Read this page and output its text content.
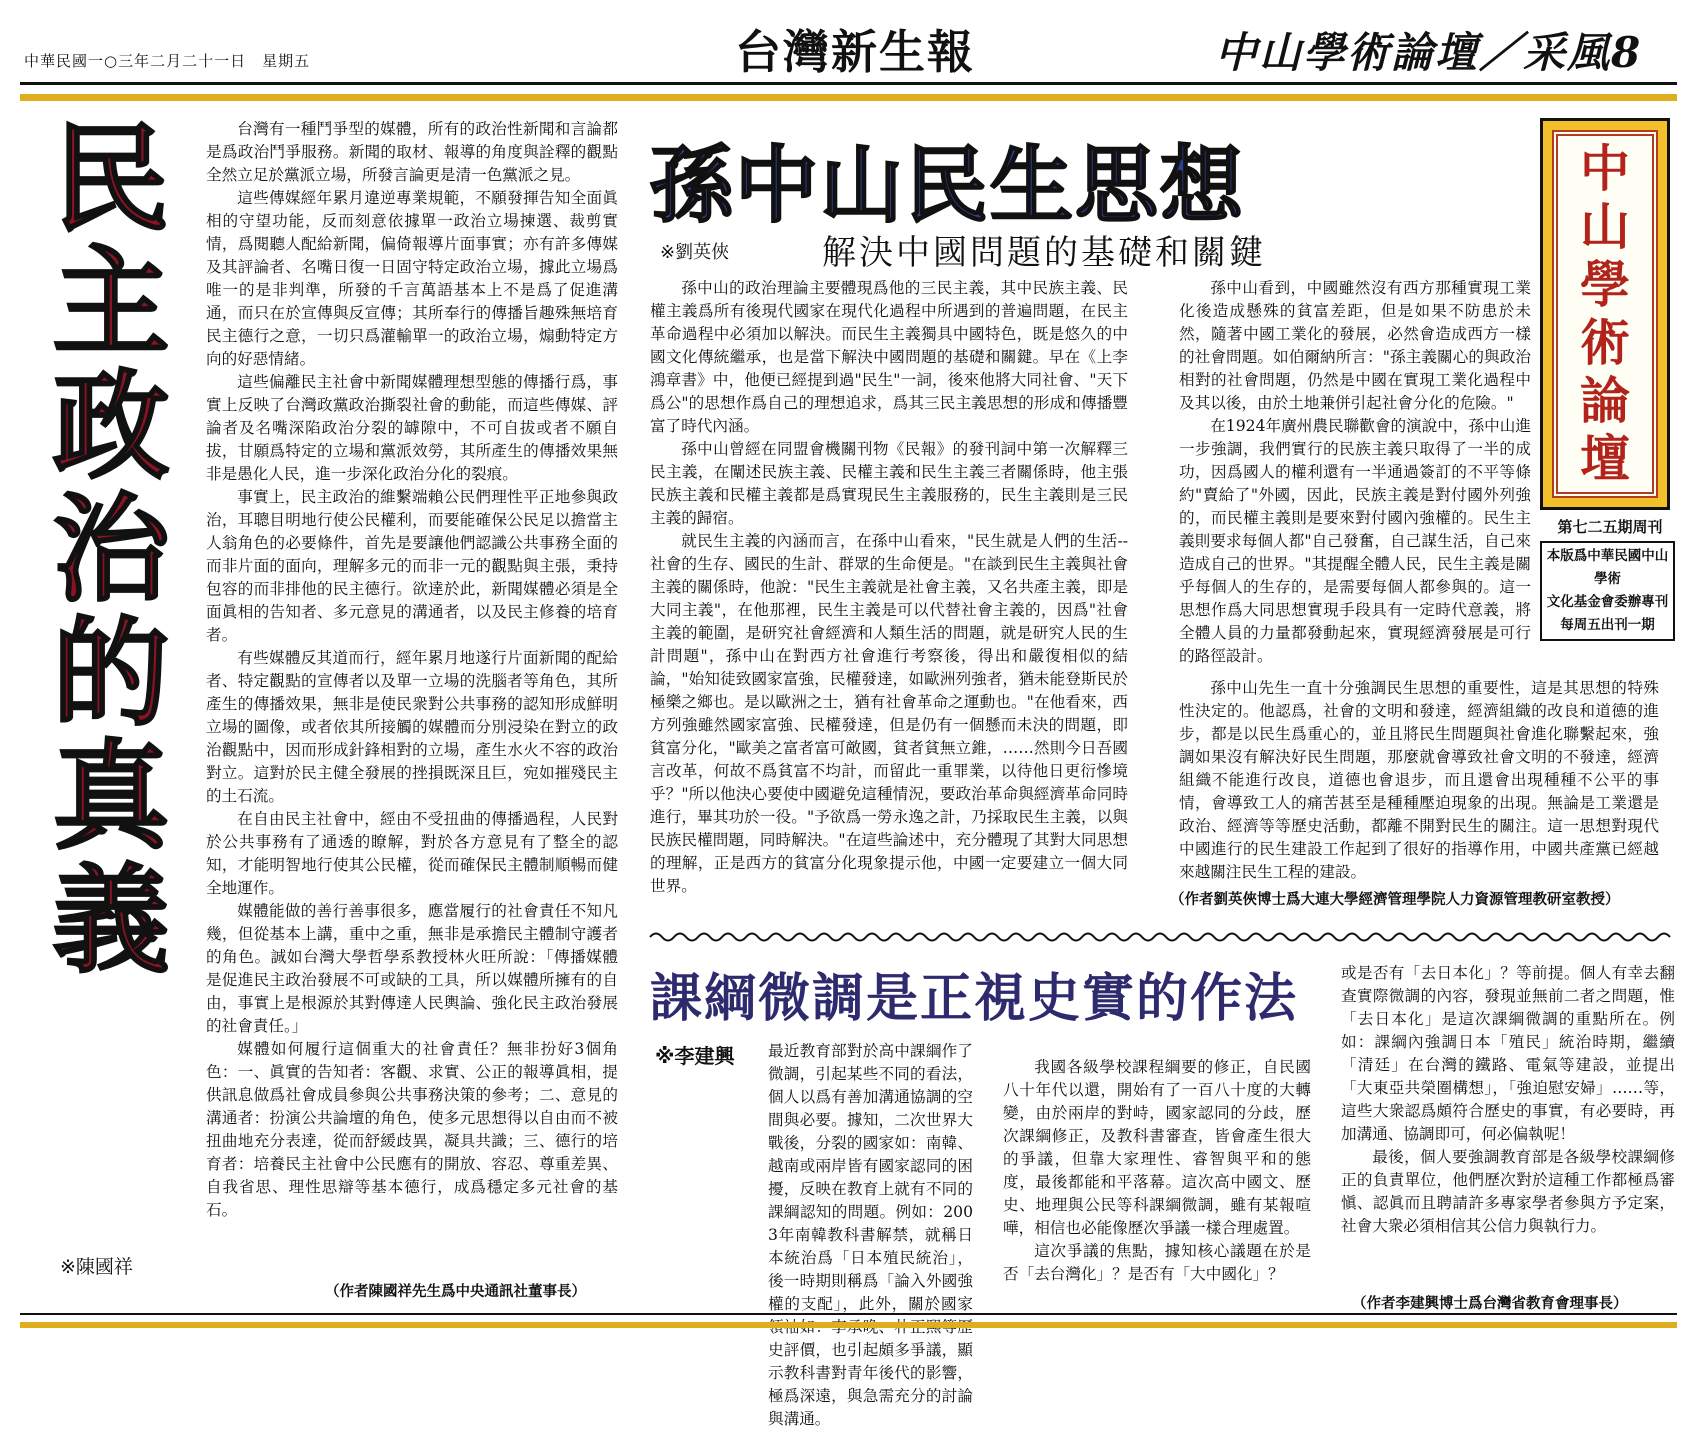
中華民國一○三年二月二十一日　星期五	台灣新生報	中山學術論壇／采風8
民主政治的真義
※陳國祥

台灣有一種鬥爭型的媒體，所有的政治性新聞和言論都是爲政治鬥爭服務。新聞的取材、報導的角度與詮釋的觀點全然立足於黨派立場，所發言論更是清一色黨派之見。

這些傳媒經年累月違逆專業規範，不願發揮告知全面眞相的守望功能，反而刻意依據單一政治立場揀選、裁剪實情，爲閱聽人配給新聞，偏倚報導片面事實；亦有許多傳媒及其評論者、名嘴日復一日固守特定政治立場，據此立場爲唯一的是非判準，所發的千言萬語基本上不是爲了促進溝通，而只在於宣傳與反宣傳；其所奉行的傳播旨趣殊無培育民主德行之意，一切只爲灌輸單一的政治立場，煽動特定方向的好惡情緒。

這些偏離民主社會中新聞媒體理想型態的傳播行爲，事實上反映了台灣政黨政治撕裂社會的動能，而這些傳媒、評論者及名嘴深陷政治分裂的罅隙中，不可自拔或者不願自拔，甘願爲特定的立場和黨派效勞，其所產生的傳播效果無非是愚化人民，進一步深化政治分化的裂痕。

事實上，民主政治的維繫端賴公民們理性平正地參與政治，耳聰目明地行使公民權利，而要能確保公民足以擔當主人翁角色的必要條件，首先是要讓他們認識公共事務全面的而非片面的面向，理解多元的而非一元的觀點與主張，秉持包容的而非排他的民主德行。欲達於此，新聞媒體必須是全面眞相的告知者、多元意見的溝通者，以及民主修養的培育者。

有些媒體反其道而行，經年累月地遂行片面新聞的配給者、特定觀點的宣傳者以及單一立場的洗腦者等角色，其所產生的傳播效果，無非是使民衆對公共事務的認知形成鮮明立場的圖像，或者依其所接觸的媒體而分別浸染在對立的政治觀點中，因而形成針鋒相對的立場，產生水火不容的政治對立。這對於民主健全發展的挫損既深且巨，宛如摧殘民主的土石流。

在自由民主社會中，經由不受扭曲的傳播過程，人民對於公共事務有了通透的瞭解，對於各方意見有了整全的認知，才能明智地行使其公民權，從而確保民主體制順暢而健全地運作。

媒體能做的善行善事很多，應當履行的社會責任不知凡幾，但從基本上講，重中之重，無非是承擔民主體制守護者的角色。誠如台灣大學哲學系教授林火旺所說：「傳播媒體是促進民主政治發展不可或缺的工具，所以媒體所擁有的自由，事實上是根源於其對傳達人民輿論、強化民主政治發展的社會責任。」

媒體如何履行這個重大的社會責任？無非扮好3個角色：一、眞實的告知者：客觀、求實、公正的報導眞相，提供訊息做爲社會成員參與公共事務決策的參考；二、意見的溝通者：扮演公共論壇的角色，使多元思想得以自由而不被扭曲地充分表達，從而舒緩歧異，凝具共識；三、德行的培育者：培養民主社會中公民應有的開放、容忍、尊重差異、自我省思、理性思辯等基本德行，成爲穩定多元社會的基石。

（作者陳國祥先生爲中央通訊社董事長）
孫中山民生思想
※劉英俠	解決中國問題的基礎和關鍵

孫中山的政治理論主要體現爲他的三民主義，其中民族主義、民權主義爲所有後現代國家在現代化過程中所遇到的普遍問題，在民主革命過程中必須加以解決。而民生主義獨具中國特色，既是悠久的中國文化傳統繼承，也是當下解決中國問題的基礎和關鍵。早在《上李鴻章書》中，他便已經提到過"民生"一詞，後來他將大同社會、"天下爲公"的思想作爲自己的理想追求，爲其三民主義思想的形成和傳播豐富了時代內涵。

孫中山曾經在同盟會機關刊物《民報》的發刊詞中第一次解釋三民主義，在闡述民族主義、民權主義和民生主義三者關係時，他主張民族主義和民權主義都是爲實現民生主義服務的，民生主義則是三民主義的歸宿。

就民生主義的內涵而言，在孫中山看來，"民生就是人們的生活--社會的生存、國民的生計、群眾的生命便是。"在談到民生主義與社會主義的關係時，他說："民生主義就是社會主義，又名共產主義，即是大同主義"，在他那裡，民生主義是可以代替社會主義的，因爲"社會主義的範圍，是研究社會經濟和人類生活的問題，就是研究人民的生計問題"，孫中山在對西方社會進行考察後，得出和嚴復相似的結論，"始知徒致國家富強，民權發達，如歐洲列強者，猶未能登斯民於極樂之鄉也。是以歐洲之士，猶有社會革命之運動也。"在他看來，西方列強雖然國家富強、民權發達，但是仍有一個懸而未決的問題，即貧富分化，"歐美之富者富可敵國，貧者貧無立錐，……然則今日吾國言改革，何故不爲貧富不均計，而留此一重罪業，以待他日更衍慘境乎？"所以他決心要使中國避免這種情況，要政治革命與經濟革命同時進行，畢其功於一役。"予欲爲一勞永逸之計，乃採取民生主義，以與民族民權問題，同時解決。"在這些論述中，充分體現了其對大同思想的理解，正是西方的貧富分化現象提示他，中國一定要建立一個大同世界。

孫中山看到，中國雖然沒有西方那種實現工業化後造成懸殊的貧富差距，但是如果不防患於未然，隨著中國工業化的發展，必然會造成西方一樣的社會問題。如伯爾納所言："孫主義關心的與政治相對的社會問題，仍然是中國在實現工業化過程中及其以後，由於土地兼併引起社會分化的危險。"

在1924年廣州農民聯歡會的演說中，孫中山進一步強調，我們實行的民族主義只取得了一半的成功，因爲國人的權利還有一半通過簽訂的不平等條約"賣給了"外國，因此，民族主義是對付國外列強的，而民權主義則是要來對付國內強權的。民生主義則要求每個人都"自己發奮，自己謀生活，自己來造成自己的世界。"其提醒全體人民，民生主義是關乎每個人的生存的，是需要每個人都參與的。這一思想作爲大同思想實現手段具有一定時代意義，將全體人員的力量都發動起來，實現經濟發展是可行的路徑設計。

孫中山先生一直十分強調民生思想的重要性，這是其思想的特殊性決定的。他認爲，社會的文明和發達，經濟組織的改良和道德的進步，都是以民生爲重心的，並且將民生問題與社會進化聯繫起來，強調如果沒有解決好民生問題，那麼就會導致社會文明的不發達，經濟組織不能進行改良，道德也會退步，而且還會出現種種不公平的事情，會導致工人的痛苦甚至是種種壓迫現象的出現。無論是工業還是政治、經濟等等歷史活動，都離不開對民生的關注。這一思想對現代中國進行的民生建設工作起到了很好的指導作用，中國共產黨已經越來越關注民生工程的建設。

（作者劉英俠博士爲大連大學經濟管理學院人力資源管理教研室教授）
中
山
學
術
論
壇
第七二五期周刊
本版爲中華民國中山學術
文化基金會委辦專刊
每周五出刊一期
課綱微調是正視史實的作法
※李建興	最近教育部對於高中課綱作了微調，引起某些不同的看法，個人以爲有善加溝通協調的空間與必要。據知，二次世界大戰後，分裂的國家如：南韓、越南或兩岸皆有國家認同的困擾，反映在教育上就有不同的課綱認知的問題。例如：2003年南韓教科書解禁，就稱日本統治爲「日本殖民統治」，後一時期則稱爲「論入外國強權的支配」，此外，關於國家 史評價，也引起頗多爭議，顯示教科書對青年後代的影響，極爲深遠，與急需充分的討論與溝通。

我國各級學校課程綱要的修正，自民國八十年代以還，開始有了一百八十度的大轉變，由於兩岸的對峙，國家認同的分歧，歷次課綱修正，及教科書審查，皆會產生很大的爭議，但靠大家理性、睿智與平和的態度，最後都能和平落幕。這次高中國文、歷史、地理與公民等科課綱微調，雖有某報喧嘩，相信也必能像歷次爭議一樣合理處置。

這次爭議的焦點，據知核心議題在於是否「去台灣化」？是否有「大中國化」？

或是否有「去日本化」？等前提。個人有幸去翻查實際微調的內容，發現並無前二者之問題，惟「去日本化」是這次課綱微調的重點所在。例如：課綱內強調日本「殖民」統治時期，繼續「清廷」在台灣的鐵路、電氣等建設，並提出「大東亞共榮圈構想」，「強迫慰安婦」……等，這些大衆認爲頗符合歷史的事實，有必要時，再加溝通、協調即可，何必偏執呢！

最後，個人要強調教育部是各級學校課綱修正的負責單位，他們歷次對於這種工作都極爲審愼、認眞而且聘請許多專家學者參與方予定案，社會大衆必須相信其公信力與執行力。

（作者李建興博士爲台灣省教育會理事長）
